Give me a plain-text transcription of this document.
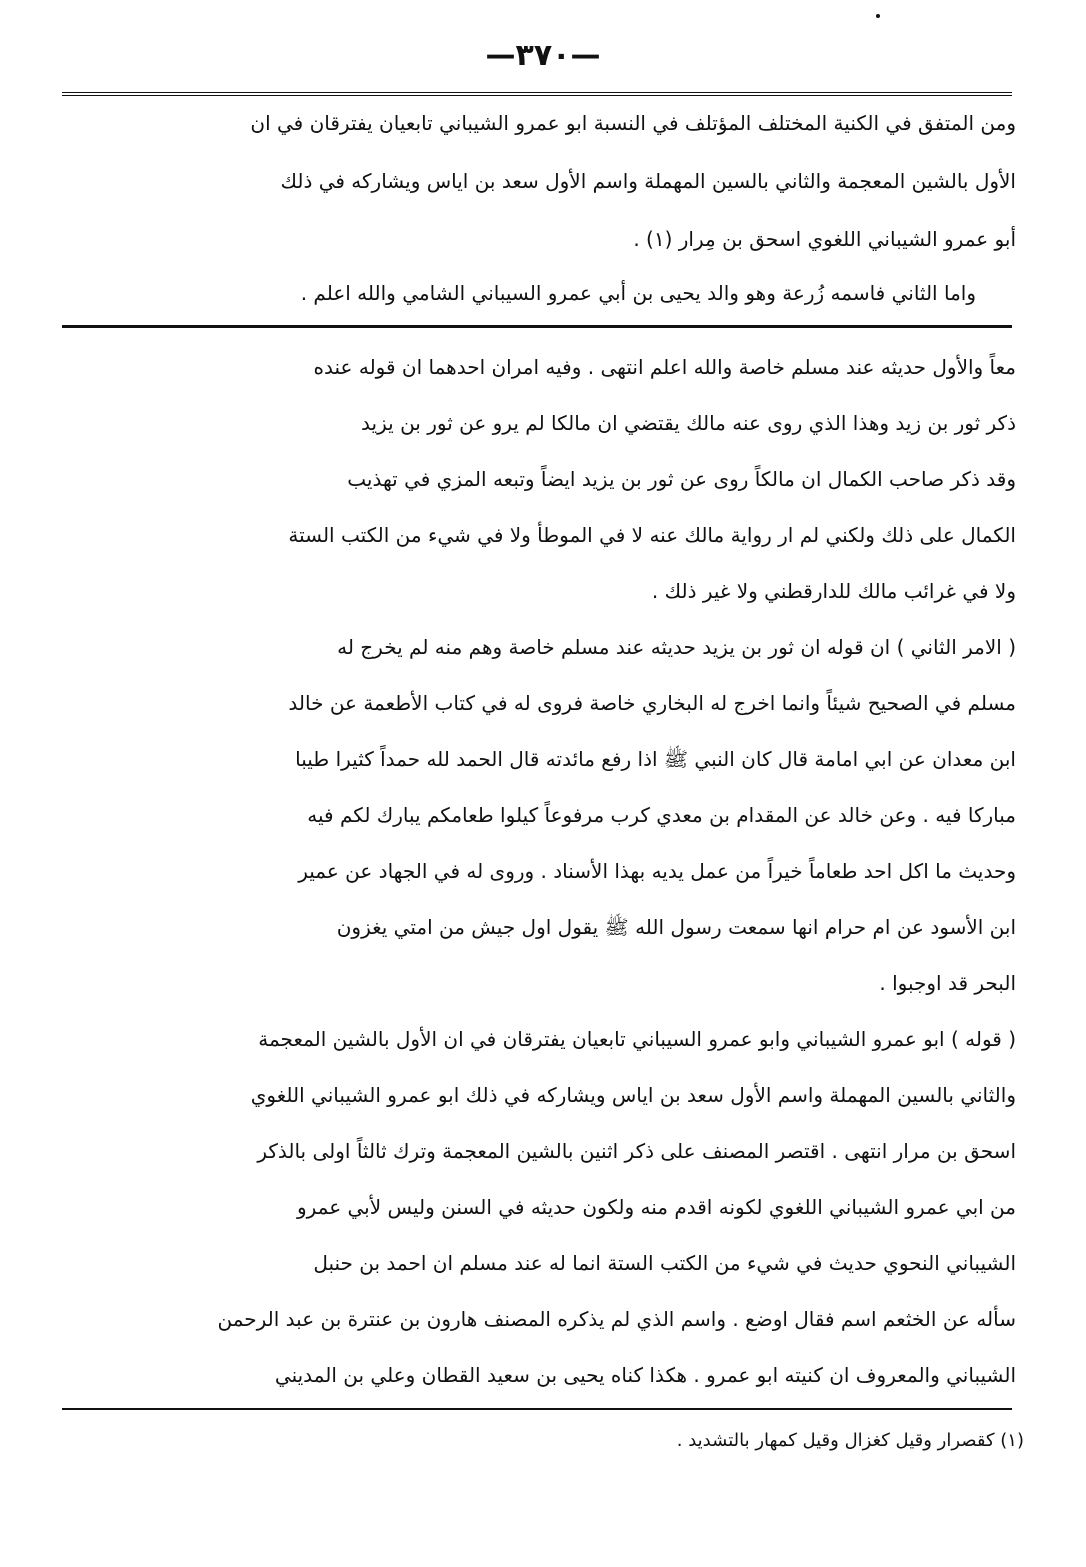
—٣٧٠—
ومن المتفق في الكنية المختلف المؤتلف في النسبة ابو عمرو الشيباني تابعيان يفترقان في ان
الأول بالشين المعجمة والثاني بالسين المهملة واسم الأول سعد بن اياس ويشاركه في ذلك
أبو عمرو الشيباني اللغوي اسحق بن مِرار (١) .
واما الثاني فاسمه زُرعة وهو والد يحيى بن أبي عمرو السيباني الشامي والله اعلم .
معاً والأول حديثه عند مسلم خاصة والله اعلم انتهى . وفيه امران احدهما ان قوله عنده
ذكر ثور بن زيد وهذا الذي روى عنه مالك يقتضي ان مالكا لم يرو عن ثور بن يزيد
وقد ذكر صاحب الكمال ان مالكاً روى عن ثور بن يزيد ايضاً وتبعه المزي في تهذيب
الكمال على ذلك ولكني لم ار رواية مالك عنه لا في الموطأ ولا في شيء من الكتب الستة
ولا في غرائب مالك للدارقطني ولا غير ذلك .
( الامر الثاني ) ان قوله ان ثور بن يزيد حديثه عند مسلم خاصة وهم منه لم يخرج له
مسلم في الصحيح شيئاً وانما اخرج له البخاري خاصة فروى له في كتاب الأطعمة عن خالد
ابن معدان عن ابي امامة قال كان النبي ﷺ اذا رفع مائدته قال الحمد لله حمداً كثيرا طيبا
مباركا فيه . وعن خالد عن المقدام بن معدي كرب مرفوعاً كيلوا طعامكم يبارك لكم فيه
وحديث ما اكل احد طعاماً خيراً من عمل يديه بهذا الأسناد . وروى له في الجهاد عن عمير
ابن الأسود عن ام حرام انها سمعت رسول الله ﷺ يقول اول جيش من امتي يغزون
البحر قد اوجبوا .
( قوله ) ابو عمرو الشيباني وابو عمرو السيباني تابعيان يفترقان في ان الأول بالشين المعجمة
والثاني بالسين المهملة واسم الأول سعد بن اياس ويشاركه في ذلك ابو عمرو الشيباني اللغوي
اسحق بن مرار انتهى . اقتصر المصنف على ذكر اثنين بالشين المعجمة وترك ثالثاً اولى بالذكر
من ابي عمرو الشيباني اللغوي لكونه اقدم منه ولكون حديثه في السنن وليس لأبي عمرو
الشيباني النحوي حديث في شيء من الكتب الستة انما له عند مسلم ان احمد بن حنبل
سأله عن الخثعم اسم فقال اوضع . واسم الذي لم يذكره المصنف هارون بن عنترة بن عبد الرحمن
الشيباني والمعروف ان كنيته ابو عمرو . هكذا كناه يحيى بن سعيد القطان وعلي بن المديني
(١) كقصرار وقيل كغزال وقيل كمهار بالتشديد .
